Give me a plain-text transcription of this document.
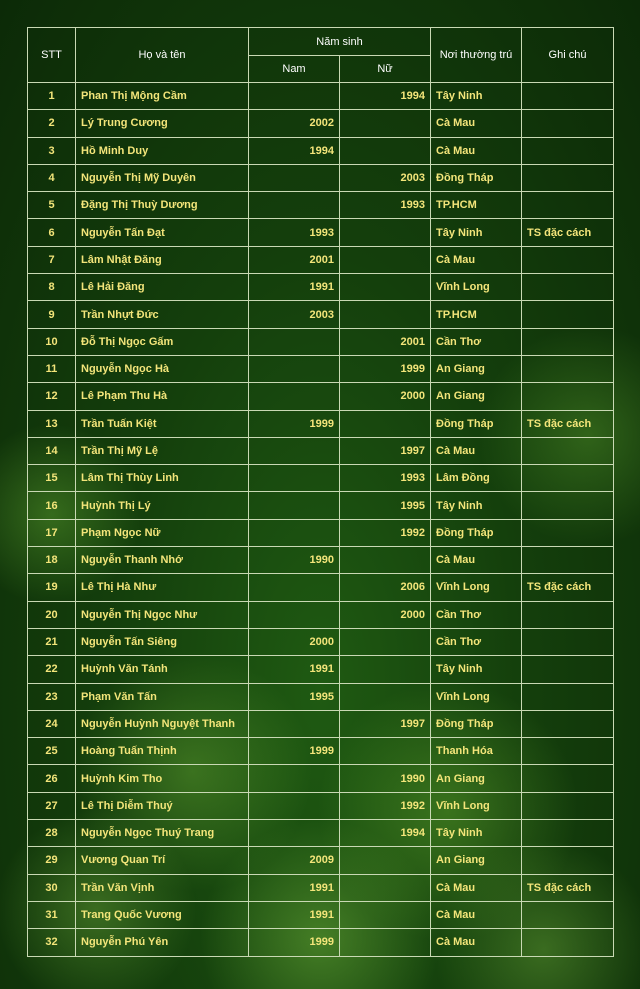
STT	Họ và tên	Năm sinh		Nơi thường trú	Ghi chú
		Nam	Nữ		
1	Phan Thị Mộng Cầm		1994	Tây Ninh	
2	Lý Trung Cương	2002		Cà Mau	
3	Hồ Minh Duy	1994		Cà Mau	
4	Nguyễn Thị Mỹ Duyên		2003	Đồng Tháp	
5	Đặng Thị Thuỳ Dương		1993	TP.HCM	
6	Nguyễn Tấn Đạt	1993		Tây Ninh	TS đặc cách
7	Lâm Nhật Đăng	2001		Cà Mau	
8	Lê Hải Đăng	1991		Vĩnh Long	
9	Trần Nhựt Đức	2003		TP.HCM	
10	Đỗ Thị Ngọc Gấm		2001	Cần Thơ	
11	Nguyễn Ngọc Hà		1999	An Giang	
12	Lê Phạm Thu Hà		2000	An Giang	
13	Trần Tuấn Kiệt	1999		Đồng Tháp	TS đặc cách
14	Trần Thị Mỹ Lệ		1997	Cà Mau	
15	Lâm Thị Thùy Linh		1993	Lâm Đồng	
16	Huỳnh Thị Lý		1995	Tây Ninh	
17	Phạm Ngọc Nữ		1992	Đồng Tháp	
18	Nguyễn Thanh Nhớ	1990		Cà Mau	
19	Lê Thị Hà Như		2006	Vĩnh Long	TS đặc cách
20	Nguyễn Thị Ngọc Như		2000	Cần Thơ	
21	Nguyễn Tấn Siêng	2000		Cần Thơ	
22	Huỳnh Văn Tánh	1991		Tây Ninh	
23	Phạm Văn Tấn	1995		Vĩnh Long	
24	Nguyễn Huỳnh Nguyệt Thanh		1997	Đồng Tháp	
25	Hoàng Tuấn Thịnh	1999		Thanh Hóa	
26	Huỳnh Kim Tho		1990	An Giang	
27	Lê Thị Diễm Thuý		1992	Vĩnh Long	
28	Nguyễn Ngọc Thuý Trang		1994	Tây Ninh	
29	Vương Quan Trí	2009		An Giang	
30	Trần Văn Vịnh	1991		Cà Mau	TS đặc cách
31	Trang Quốc Vương	1991		Cà Mau	
32	Nguyễn Phú Yên	1999		Cà Mau	
